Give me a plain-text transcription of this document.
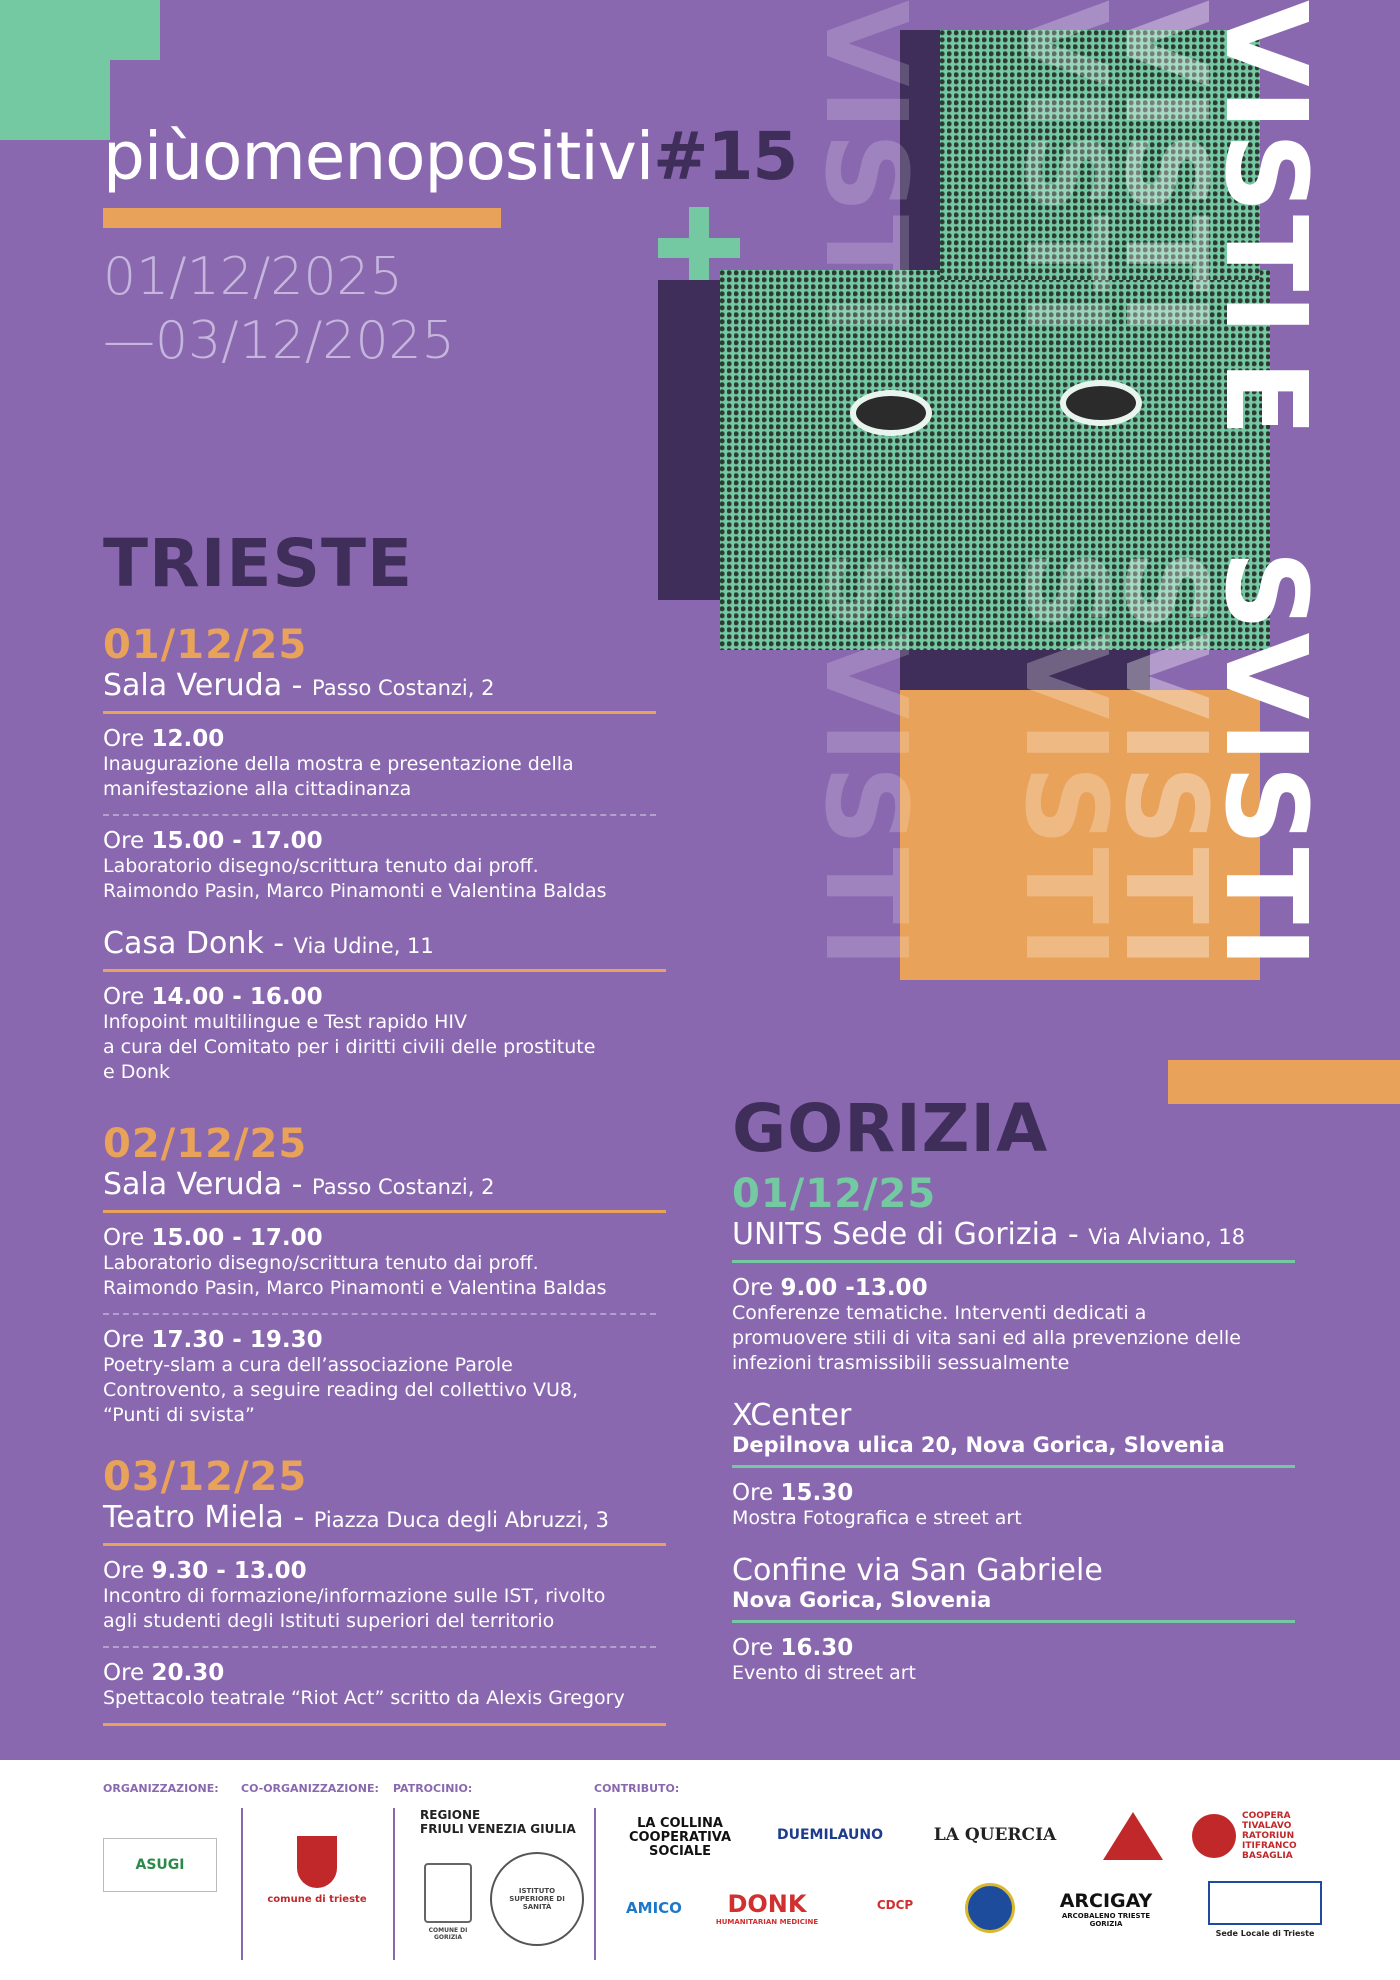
VISTI
E
SVISTI
VISTI
SVISTI
VISTI
SVISTI
VISTI
SVISTI
piùomenopositivi#15
01/12/2025
—03/12/2025
TRIESTE
01/12/25
Sala Veruda - Passo Costanzi, 2
Ore 12.00
Inaugurazione della mostra e presentazione della
manifestazione alla cittadinanza
Ore 15.00 - 17.00
Laboratorio disegno/scrittura tenuto dai proff.
Raimondo Pasin, Marco Pinamonti e Valentina Baldas
Casa Donk - Via Udine, 11
Ore 14.00 - 16.00
Infopoint multilingue e Test rapido HIV
a cura del Comitato per i diritti civili delle prostitute
e Donk
02/12/25
Sala Veruda - Passo Costanzi, 2
Ore 15.00 - 17.00
Laboratorio disegno/scrittura tenuto dai proff.
Raimondo Pasin, Marco Pinamonti e Valentina Baldas
Ore 17.30 - 19.30
Poetry-slam a cura dell’associazione Parole
Controvento, a seguire reading del collettivo VU8,
“Punti di svista”
03/12/25
Teatro Miela - Piazza Duca degli Abruzzi, 3
Ore 9.30 - 13.00
Incontro di formazione/informazione sulle IST, rivolto
agli studenti degli Istituti superiori del territorio
Ore 20.30
Spettacolo teatrale “Riot Act” scritto da Alexis Gregory
GORIZIA
01/12/25
UNITS Sede di Gorizia - Via Alviano, 18
Ore 9.00 -13.00
Conferenze tematiche. Interventi dedicati a
promuovere stili di vita sani ed alla prevenzione delle
infezioni trasmissibili sessualmente
XCenter
Depilnova ulica 20, Nova Gorica, Slovenia
Ore 15.30
Mostra Fotografica e street art
Confine via San Gabriele
Nova Gorica, Slovenia
Ore 16.30
Evento di street art
ORGANIZZAZIONE: CO-ORGANIZZAZIONE: PATROCINIO:	CONTRIBUTO:
ASUGI
comune di trieste
REGIONE
FRIULI VENEZIA GIULIA
COMUNE DI GORIZIA
ISTITUTO SUPERIORE DI SANITÀ
LA COLLINA
COOPERATIVA
SOCIALE
DUEMILAUNO	LA QUERCIA
COOPERA TIVALAVO RATORIUN ITIFRANCO BASAGLIA
AMICO DONK
HUMANITARIAN MEDICINE
CDCP	ARCIGAY
ARCOBALENO TRIESTE GORIZIA
Sede Locale di Trieste
